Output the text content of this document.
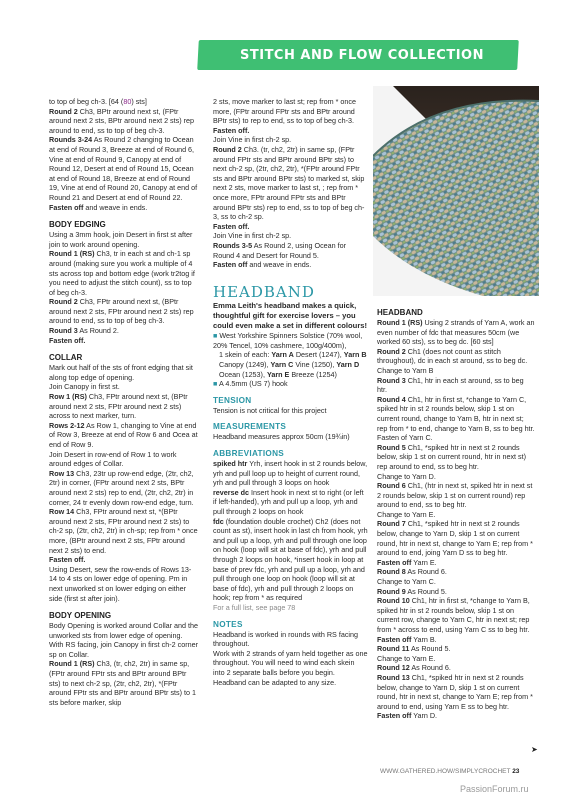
STITCH AND FLOW COLLECTION

to top of beg ch-3. [64 (80) sts]

Round 2 Ch3, BPtr around next st, (FPtr around next 2 sts, BPtr around next 2 sts) rep around to end, ss to top of beg ch-3.

Rounds 3-24 As Round 2 changing to Ocean at end of Round 3, Breeze at end of Round 6, Vine at end of Round 9, Canopy at end of Round 12, Desert at end of Round 15, Ocean at end of Round 18, Breeze at end of Round 19, Vine at end of Round 20, Canopy at end of Round 21 and Desert at end of Round 22.

Fasten off and weave in ends.

BODY EDGING

Using a 3mm hook, join Desert in first st after join to work around opening.

Round 1 (RS) Ch3, tr in each st and ch-1 sp around (making sure you work a multiple of 4 sts across top and bottom edge (work tr2tog if you need to adjust the stitch count), ss to top of beg ch-3.

Round 2 Ch3, FPtr around next st, (BPtr around next 2 sts, FPtr around next 2 sts) rep around to end, ss to top of beg ch-3.

Round 3 As Round 2.

Fasten off.

COLLAR

Mark out half of the sts of front edging that sit along top edge of opening.

Join Canopy in first st.

Row 1 (RS) Ch3, FPtr around next st, (BPtr around next 2 sts, FPtr around next 2 sts) across to next marker, turn.

Rows 2-12 As Row 1, changing to Vine at end of Row 3, Breeze at end of Row 6 and Ocea at end of Row 9.

Join Desert in row-end of Row 1 to work around edges of Collar.

Row 13 Ch3, 23tr up row-end edge, (2tr, ch2, 2tr) in corner, (FPtr around next 2 sts, BPtr around next 2 sts) rep to end, (2tr, ch2, 2tr) in corner, 24 tr evenly down row-end edge, turn.

Row 14 Ch3, FPtr around next st, *(BPtr around next 2 sts, FPtr around next 2 sts) to ch-2 sp, (2tr, ch2, 2tr) in ch-sp; rep from * once more, (BPtr around next 2 sts, FPtr around next 2 sts) to end.

Fasten off.

Using Desert, sew the row-ends of Rows 13-14 to 4 sts on lower edge of opening. Pm in next unworked st on lower edging on either side (first st after join).

BODY OPENING

Body Opening is worked around Collar and the unworked sts from lower edge of opening.

With RS facing, join Canopy in first ch-2 corner sp on Collar.

Round 1 (RS) Ch3, (tr, ch2, 2tr) in same sp, (FPtr around FPtr sts and BPtr around BPtr sts) to next ch-2 sp, (2tr, ch2, 2tr), *(FPtr around FPtr sts and BPtr around BPtr sts) to 1 sts before marker, skip

2 sts, move marker to last st; rep from * once more, (FPtr around FPtr sts and BPtr around BPtr sts) to rep to end, ss to top of beg ch-3.

Fasten off.

Join Vine in first ch-2 sp.

Round 2 Ch3. (tr, ch2, 2tr) in same sp, (FPtr around FPtr sts and BPtr around BPtr sts) to next ch-2 sp, (2tr, ch2, 2tr), *(FPtr around FPtr sts and BPtr around BPtr sts) to marked st, skip next 2 sts, move marker to last st, ; rep from * once more, FPtr around FPtr sts and BPtr around BPtr sts) rep to end, ss to top of beg ch-3, ss to ch-2 sp.

Fasten off.

Join Vine in first ch-2 sp.

Rounds 3-5 As Round 2, using Ocean for Round 4 and Desert for Round 5.

Fasten off and weave in ends.

HEADBAND

Emma Leith's headband makes a quick, thoughtful gift for exercise lovers – you could even make a set in different colours!

■ West Yorkshire Spinners Solstice (70% wool, 20% Tencel, 10% cashmere, 100g/400m),

1 skein of each: Yarn A Desert (1247), Yarn B Canopy (1249), Yarn C Vine (1250), Yarn D Ocean (1253), Yarn E Breeze (1254)

■ A 4.5mm (US 7) hook

TENSION

Tension is not critical for this project

MEASUREMENTS

Headband measures approx 50cm (19¾in)

ABBREVIATIONS

spiked htr Yrh, insert hook in st 2 rounds below, yrh and pull loop up to height of current round, yrh and pull through 3 loops on hook

reverse dc Insert hook in next st to right (or left if left-handed), yrh and pull up a loop, yrh and pull through 2 loops on hook

fdc (foundation double crochet) Ch2 (does not count as st), insert hook in last ch from hook, yrh and pull up a loop, yrh and pull through one loop on hook (loop will sit at base of fdc), yrh and pull through 2 loops on hook, *insert hook in loop at base of prev fdc, yrh and pull up a loop, yrh and pull through one loop on hook (loop will sit at base of fdc), yrh and pull through 2 loops on hook; rep from * as required

For a full list, see page 78

NOTES

Headband is worked in rounds with RS facing throughout.

Work with 2 strands of yarn held together as one throughout. You will need to wind each skein into 2 separate balls before you begin. Headband can be adapted to any size.

HEADBAND

Round 1 (RS) Using 2 strands of Yarn A, work an even number of fdc that measures 50cm (we worked 60 sts), ss to beg dc. [60 sts]

Round 2 Ch1 (does not count as stitch throughout), dc in each st around, ss to beg dc.

Change to Yarn B

Round 3 Ch1, htr in each st around, ss to beg htr.

Round 4 Ch1, htr in first st, *change to Yarn C, spiked htr in st 2 rounds below, skip 1 st on current round, change to Yarn B, htr in next st; rep from * to end, change to Yarn B, ss to beg htr.

Fasten of Yarn C.

Round 5 Ch1, *spiked htr in next st 2 rounds below, skip 1 st on current round, htr in next st) rep around to end, ss to beg htr.

Change to Yarn D.

Round 6 Ch1, (htr in next st, spiked htr in next st 2 rounds below, skip 1 st on current round) rep around to end, ss to beg htr.

Change to Yarn E.

Round 7 Ch1, *spiked htr in next st 2 rounds below, change to Yarn D, skip 1 st on current round, htr in next st, change to Yarn E; rep from * around to end, joing Yarn D ss to beg htr.

Fasten off Yarn E.

Round 8 As Round 6.

Change to Yarn C.

Round 9 As Round 5.

Round 10 Ch1, htr in first st, *change to Yarn B, spiked htr in st 2 rounds below, skip 1 st on current row, change to Yarn C, htr in next st; rep from * across to end, using Yarn C ss to beg htr.

Fasten off Yarn B.

Round 11 As Round 5.

Change to Yarn E.

Round 12 As Round 6.

Round 13 Ch1, *spiked htr in next st 2 rounds below, change to Yarn D, skip 1 st on current round, htr in next st, change to Yarn E; rep from * around to end, using Yarn E ss to beg htr.

Fasten off Yarn D.

➤
WWW.GATHERED.HOW/SIMPLYCROCHET 23
PassionForum.ru
